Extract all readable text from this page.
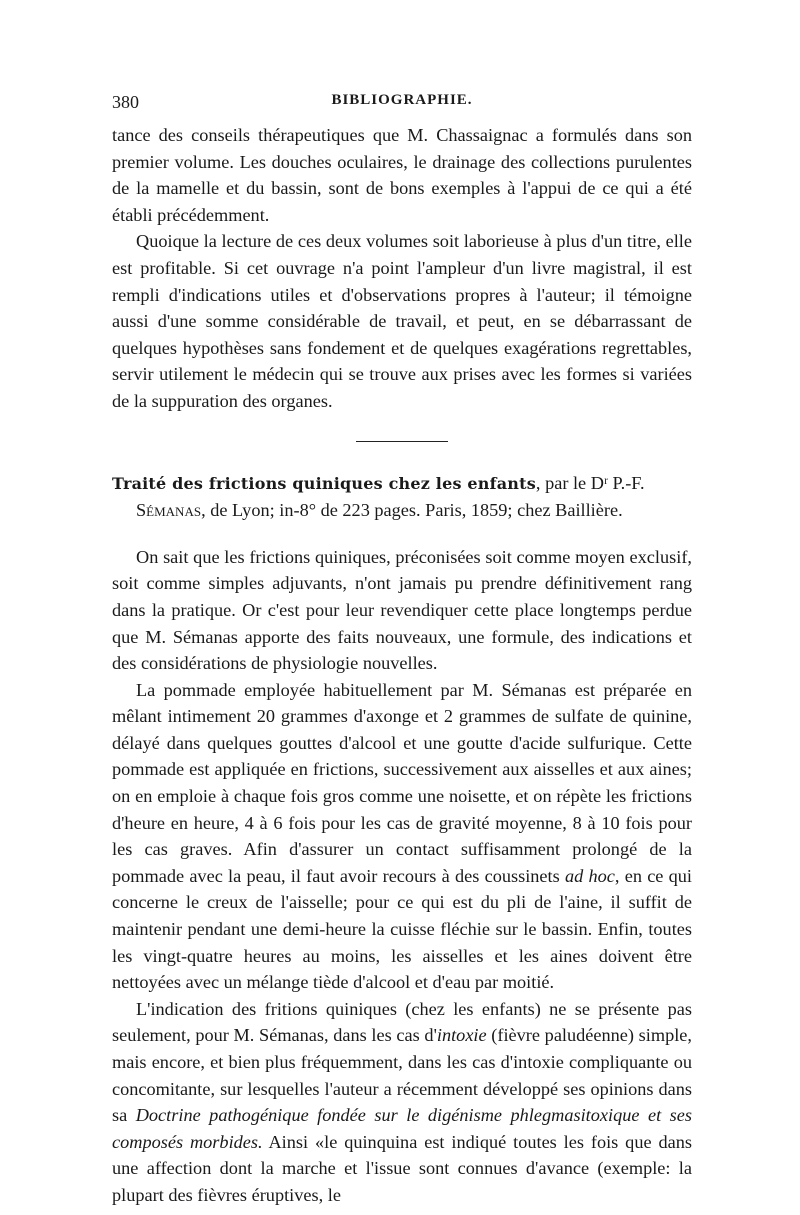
380	BIBLIOGRAPHIE.

tance des conseils thérapeutiques que M. Chassaignac a formulés dans son premier volume. Les douches oculaires, le drainage des collections purulentes de la mamelle et du bassin, sont de bons exemples à l'appui de ce qui a été établi précédemment.

Quoique la lecture de ces deux volumes soit laborieuse à plus d'un titre, elle est profitable. Si cet ouvrage n'a point l'ampleur d'un livre magistral, il est rempli d'indications utiles et d'observations propres à l'auteur; il témoigne aussi d'une somme considérable de travail, et peut, en se débarrassant de quelques hypothèses sans fondement et de quelques exagérations regrettables, servir utilement le médecin qui se trouve aux prises avec les formes si variées de la suppuration des organes.

Traité des frictions quiniques chez les enfants, par le Dʳ P.-F.
Sémanas, de Lyon; in-8° de 223 pages. Paris, 1859; chez Baillière.

On sait que les frictions quiniques, préconisées soit comme moyen exclusif, soit comme simples adjuvants, n'ont jamais pu prendre définitivement rang dans la pratique. Or c'est pour leur revendiquer cette place longtemps perdue que M. Sémanas apporte des faits nouveaux, une formule, des indications et des considérations de physiologie nouvelles.

La pommade employée habituellement par M. Sémanas est préparée en mêlant intimement 20 grammes d'axonge et 2 grammes de sulfate de quinine, délayé dans quelques gouttes d'alcool et une goutte d'acide sulfurique. Cette pommade est appliquée en frictions, successivement aux aisselles et aux aines; on en emploie à chaque fois gros comme une noisette, et on répète les frictions d'heure en heure, 4 à 6 fois pour les cas de gravité moyenne, 8 à 10 fois pour les cas graves. Afin d'assurer un contact suffisamment prolongé de la pommade avec la peau, il faut avoir recours à des coussinets ad hoc, en ce qui concerne le creux de l'aisselle; pour ce qui est du pli de l'aine, il suffit de maintenir pendant une demi-heure la cuisse fléchie sur le bassin. Enfin, toutes les vingt-quatre heures au moins, les aisselles et les aines doivent être nettoyées avec un mélange tiède d'alcool et d'eau par moitié.

L'indication des fritions quiniques (chez les enfants) ne se présente pas seulement, pour M. Sémanas, dans les cas d'intoxie (fièvre paludéenne) simple, mais encore, et bien plus fréquemment, dans les cas d'intoxie compliquante ou concomitante, sur lesquelles l'auteur a récemment développé ses opinions dans sa Doctrine pathogénique fondée sur le digénisme phlegmasitoxique et ses composés morbides. Ainsi «le quinquina est indiqué toutes les fois que dans une affection dont la marche et l'issue sont connues d'avance (exemple: la plupart des fièvres éruptives, le
